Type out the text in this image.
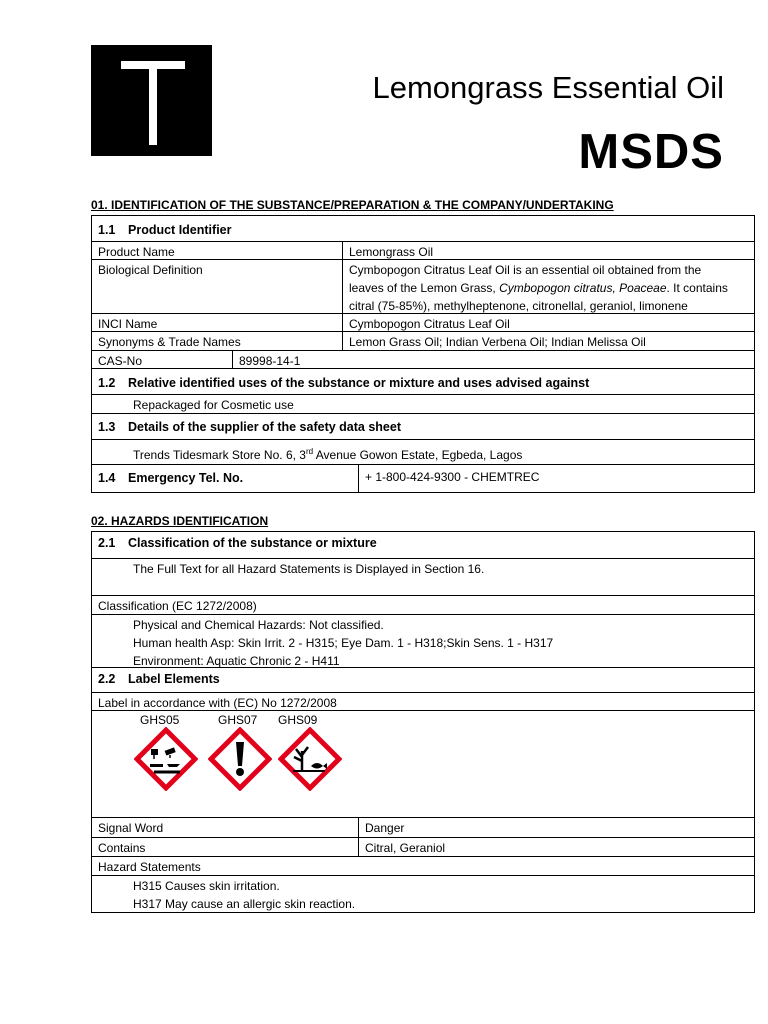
Lemongrass Essential Oil
MSDS
01. IDENTIFICATION OF THE SUBSTANCE/PREPARATION & THE COMPANY/UNDERTAKING
1.1 Product Identifier
Product Name	Lemongrass Oil
Biological Definition	Cymbopogon Citratus Leaf Oil is an essential oil obtained from the
leaves of the Lemon Grass, Cymbopogon citratus, Poaceae. It contains
citral (75-85%), methylheptenone, citronellal, geraniol, limonene
INCI Name	Cymbopogon Citratus Leaf Oil
Synonyms & Trade Names	Lemon Grass Oil; Indian Verbena Oil; Indian Melissa Oil
CAS-No	89998-14-1
1.2 Relative identified uses of the substance or mixture and uses advised against
Repackaged for Cosmetic use
1.3 Details of the supplier of the safety data sheet
Trends Tidesmark Store No. 6, 3rd Avenue Gowon Estate, Egbeda, Lagos
1.4 Emergency Tel. No.	+ 1-800-424-9300 - CHEMTREC
02. HAZARDS IDENTIFICATION
2.1 Classification of the substance or mixture
The Full Text for all Hazard Statements is Displayed in Section 16.
Classification (EC 1272/2008)
Physical and Chemical Hazards: Not classified.
Human health Asp: Skin Irrit. 2 - H315; Eye Dam. 1 - H318;Skin Sens. 1 - H317
Environment: Aquatic Chronic 2 - H411
2.2 Label Elements
Label in accordance with (EC) No 1272/2008
GHS05	GHS07 GHS09
Signal Word	Danger
Contains	Citral, Geraniol
Hazard Statements
H315 Causes skin irritation.
H317 May cause an allergic skin reaction.
